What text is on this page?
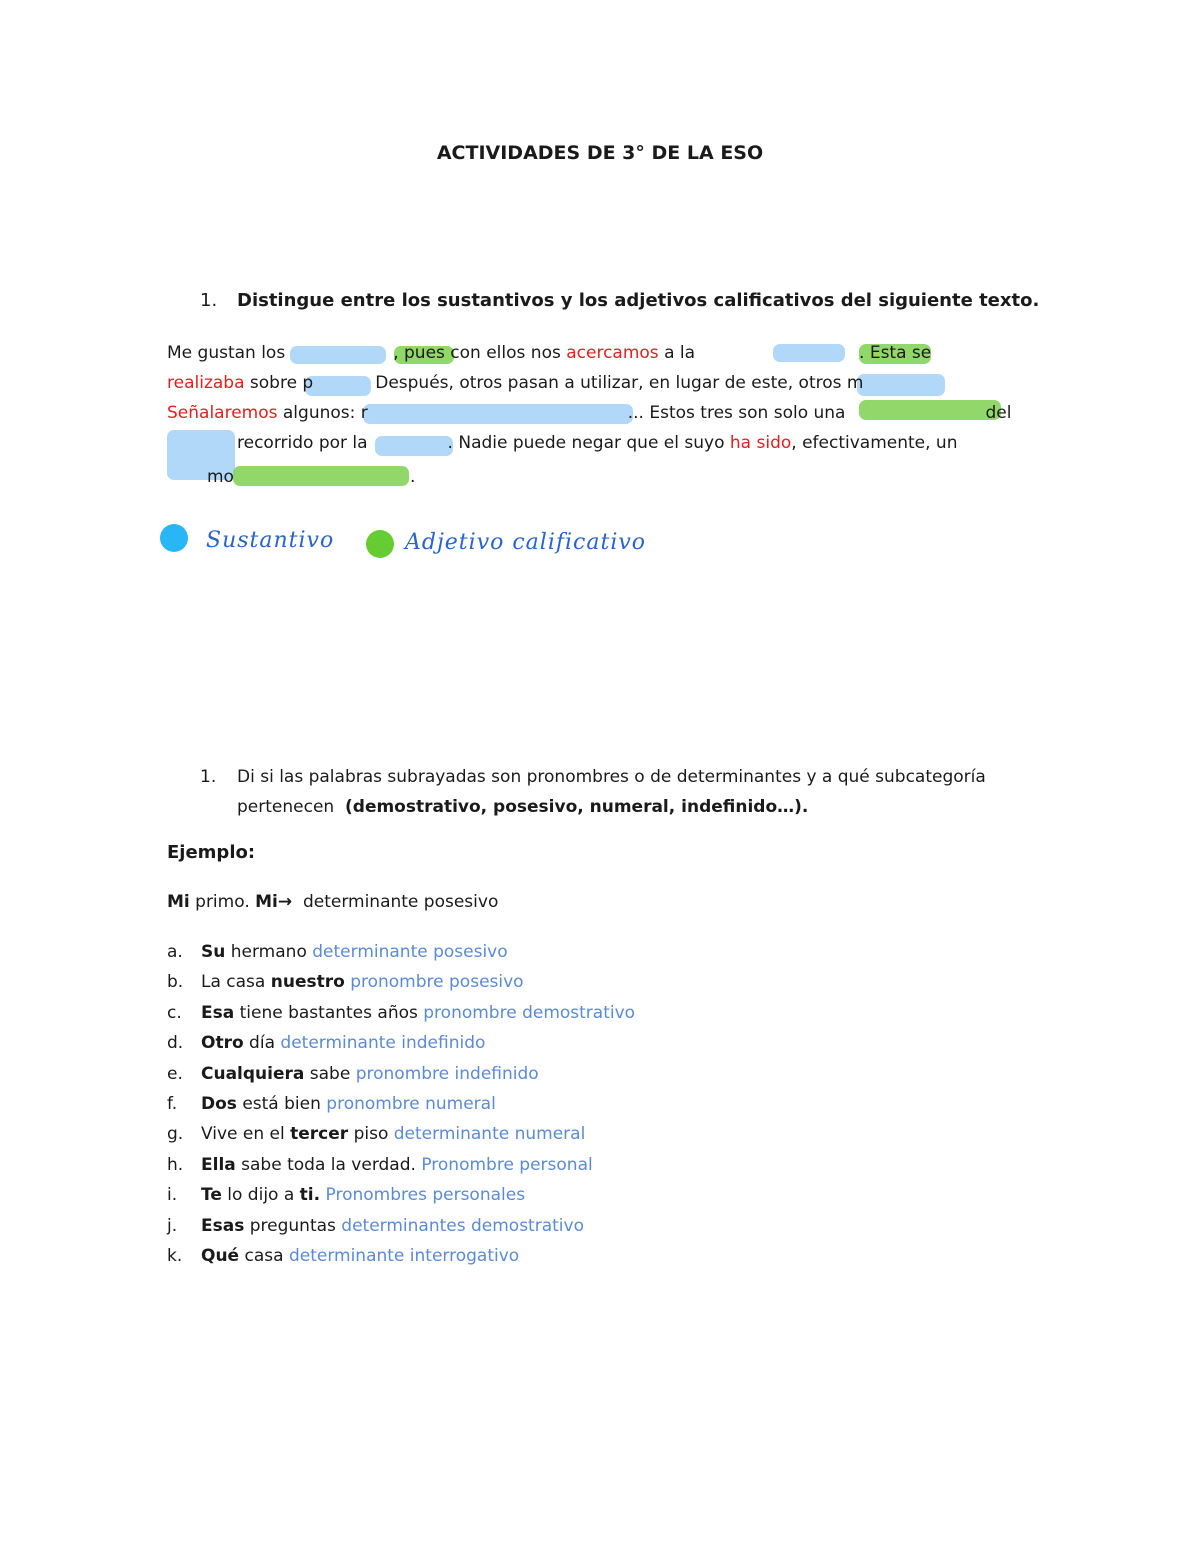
ACTIVIDADES DE 3° DE LA ESO
1. Distingue entre los sustantivos y los adjetivos calificativos del siguiente texto.
Me gustan los	, pues con ellos nos acercamos a la	. Esta se
realizaba sobre p	Después, otros pasan a utilizar, en lugar de este, otros m
Señalaremos algunos: r	... Estos tres son solo una	del
recorrido por la	. Nadie puede negar que el suyo ha sido, efectivamente, un
mo	.
Sustantivo	Adjetivo calificativo
1. Di si las palabras subrayadas son pronombres o de determinantes y a qué subcategoría
pertenecen (demostrativo, posesivo, numeral, indefinido…).
Ejemplo:
Mi primo. Mi→ determinante posesivo
a. Su hermano determinante posesivo
b. La casa nuestro pronombre posesivo
c. Esa tiene bastantes años pronombre demostrativo
d. Otro día determinante indefinido
e. Cualquiera sabe pronombre indefinido
f. Dos está bien pronombre numeral
g. Vive en el tercer piso determinante numeral
h. Ella sabe toda la verdad. Pronombre personal
i. Te lo dijo a ti. Pronombres personales
j. Esas preguntas determinantes demostrativo
k. Qué casa determinante interrogativo
